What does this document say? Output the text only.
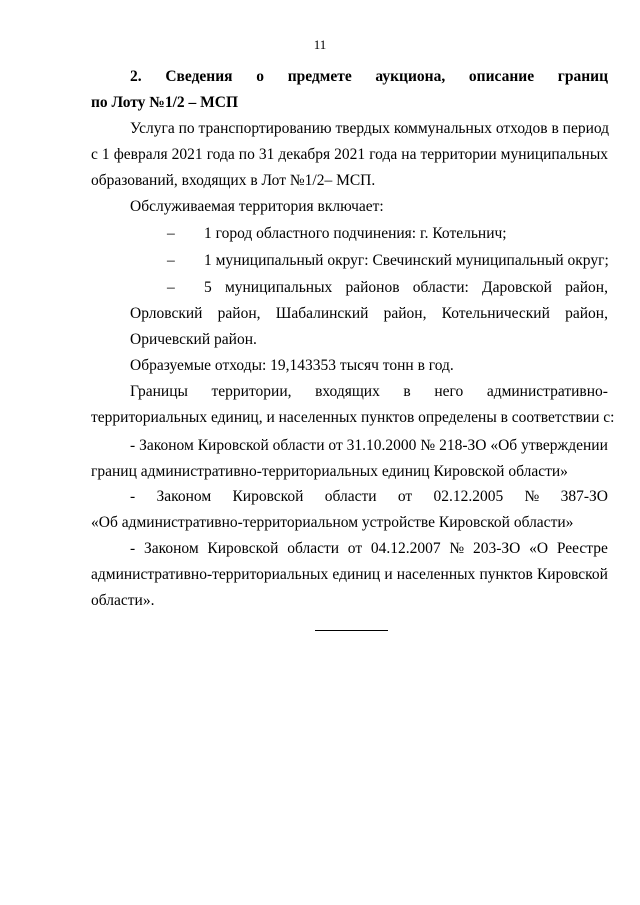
11
2. Сведения о предмете аукциона, описание границ
по Лоту №1/2 – МСП
Услуга по транспортированию твердых коммунальных отходов в период
с 1 февраля 2021 года по 31 декабря 2021 года на территории муниципальных
образований, входящих в Лот №1/2– МСП.
Обслуживаемая территория включает:
– 1 город областного подчинения: г. Котельнич;
– 1 муниципальный округ: Свечинский муниципальный округ;
– 5 муниципальных районов области: Даровской район,
Орловский район, Шабалинский район, Котельнический район,
Оричевский район.
Образуемые отходы: 19,143353 тысяч тонн в год.
Границы территории, входящих в него административно-
территориальных единиц, и населенных пунктов определены в соответствии с:
- Законом Кировской области от 31.10.2000 № 218-ЗО «Об утверждении
границ административно-территориальных единиц Кировской области»
- Законом Кировской области от 02.12.2005 № 387-ЗО
«Об административно-территориальном устройстве Кировской области»
- Законом Кировской области от 04.12.2007 № 203-ЗО «О Реестре
административно-территориальных единиц и населенных пунктов Кировской
области».
